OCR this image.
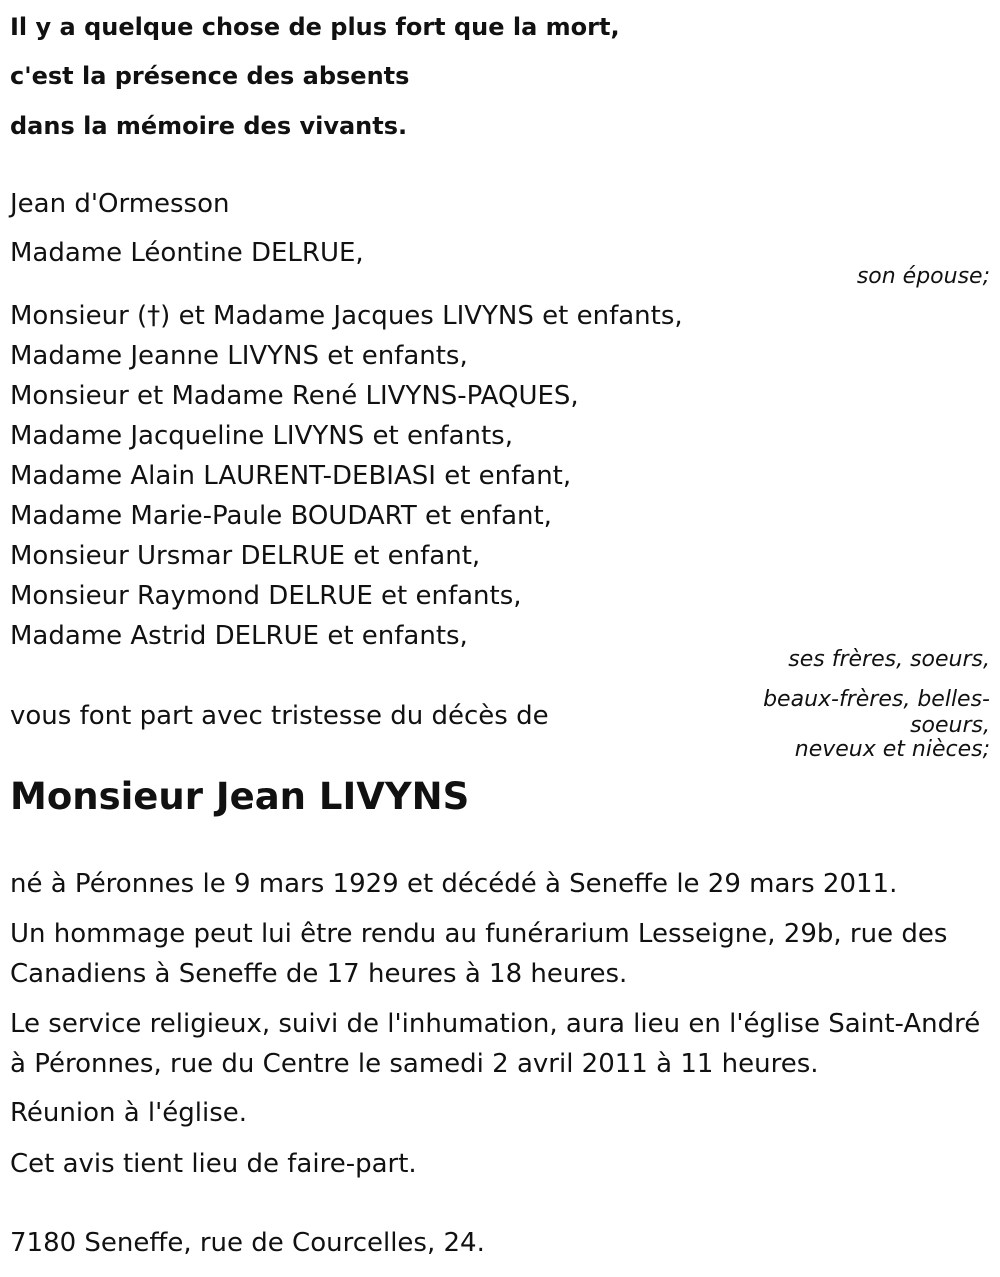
Il y a quelque chose de plus fort que la mort,
c'est la présence des absents
dans la mémoire des vivants.
Jean d'Ormesson
Madame Léontine DELRUE,
son épouse;
Monsieur (†) et Madame Jacques LIVYNS et enfants,
Madame Jeanne LIVYNS et enfants,
Monsieur et Madame René LIVYNS-PAQUES,
Madame Jacqueline LIVYNS et enfants,
Madame Alain LAURENT-DEBIASI et enfant,
Madame Marie-Paule BOUDART et enfant,
Monsieur Ursmar DELRUE et enfant,
Monsieur Raymond DELRUE et enfants,
Madame Astrid DELRUE et enfants,
ses frères, soeurs,
beaux-frères, belles-soeurs,
neveux et nièces;
vous font part avec tristesse du décès de
Monsieur Jean LIVYNS
né à Péronnes le 9 mars 1929 et décédé à Seneffe le 29 mars 2011.
Un hommage peut lui être rendu au funérarium Lesseigne, 29b, rue des
Canadiens à Seneffe de 17 heures à 18 heures.
Le service religieux, suivi de l'inhumation, aura lieu en l'église Saint-André
à Péronnes, rue du Centre le samedi 2 avril 2011 à 11 heures.
Réunion à l'église.
Cet avis tient lieu de faire-part.
7180 Seneffe, rue de Courcelles, 24.
